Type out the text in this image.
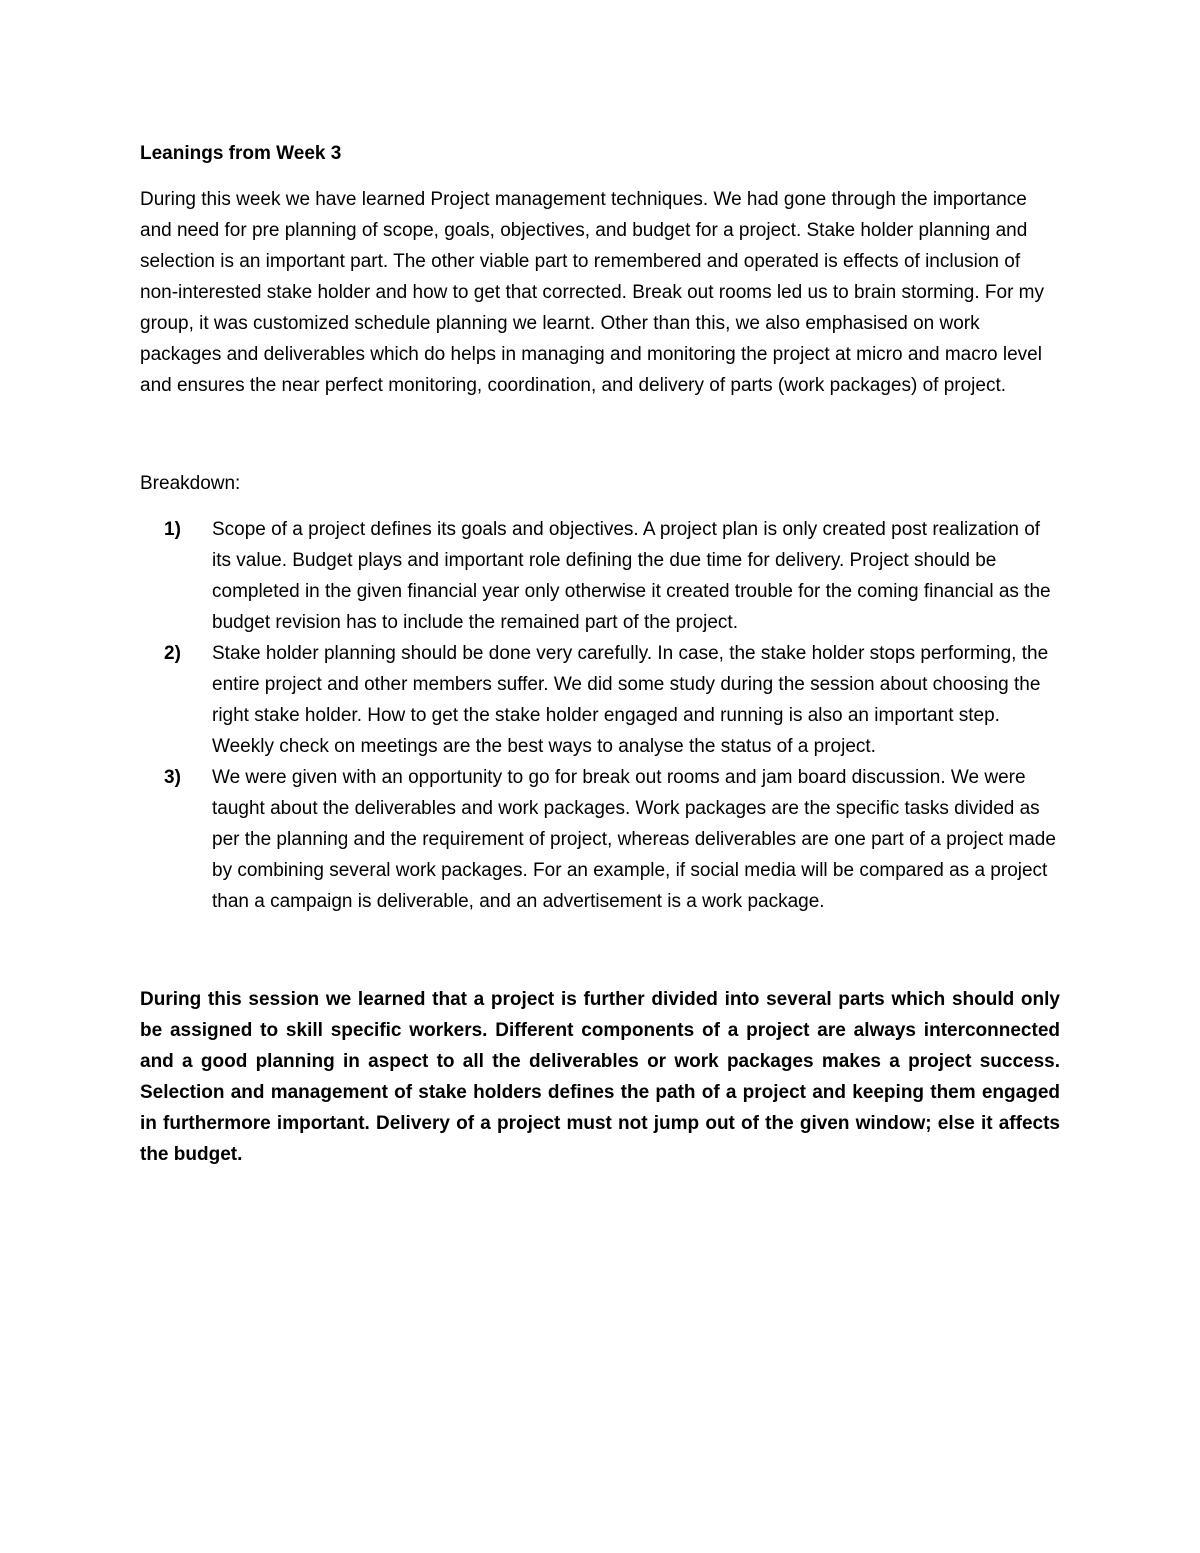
Leanings from Week 3

During this week we have learned Project management techniques. We had gone through the importance and need for pre planning of scope, goals, objectives, and budget for a project. Stake holder planning and selection is an important part. The other viable part to remembered and operated is effects of inclusion of non-interested stake holder and how to get that corrected. Break out rooms led us to brain storming. For my group, it was customized schedule planning we learnt. Other than this, we also emphasised on work packages and deliverables which do helps in managing and monitoring the project at micro and macro level and ensures the near perfect monitoring, coordination, and delivery of parts (work packages) of project.

Breakdown:

1)	Scope of a project defines its goals and objectives. A project plan is only created post realization of its value. Budget plays and important role defining the due time for delivery. Project should be completed in the given financial year only otherwise it created trouble for the coming financial as the budget revision has to include the remained part of the project.
2)	Stake holder planning should be done very carefully. In case, the stake holder stops performing, the entire project and other members suffer. We did some study during the session about choosing the right stake holder. How to get the stake holder engaged and running is also an important step. Weekly check on meetings are the best ways to analyse the status of a project.
3)	We were given with an opportunity to go for break out rooms and jam board discussion. We were taught about the deliverables and work packages. Work packages are the specific tasks divided as per the planning and the requirement of project, whereas deliverables are one part of a project made by combining several work packages. For an example, if social media will be compared as a project than a campaign is deliverable, and an advertisement is a work package.

During this session we learned that a project is further divided into several parts which should only be assigned to skill specific workers. Different components of a project are always interconnected and a good planning in aspect to all the deliverables or work packages makes a project success. Selection and management of stake holders defines the path of a project and keeping them engaged in furthermore important. Delivery of a project must not jump out of the given window; else it affects the budget.
